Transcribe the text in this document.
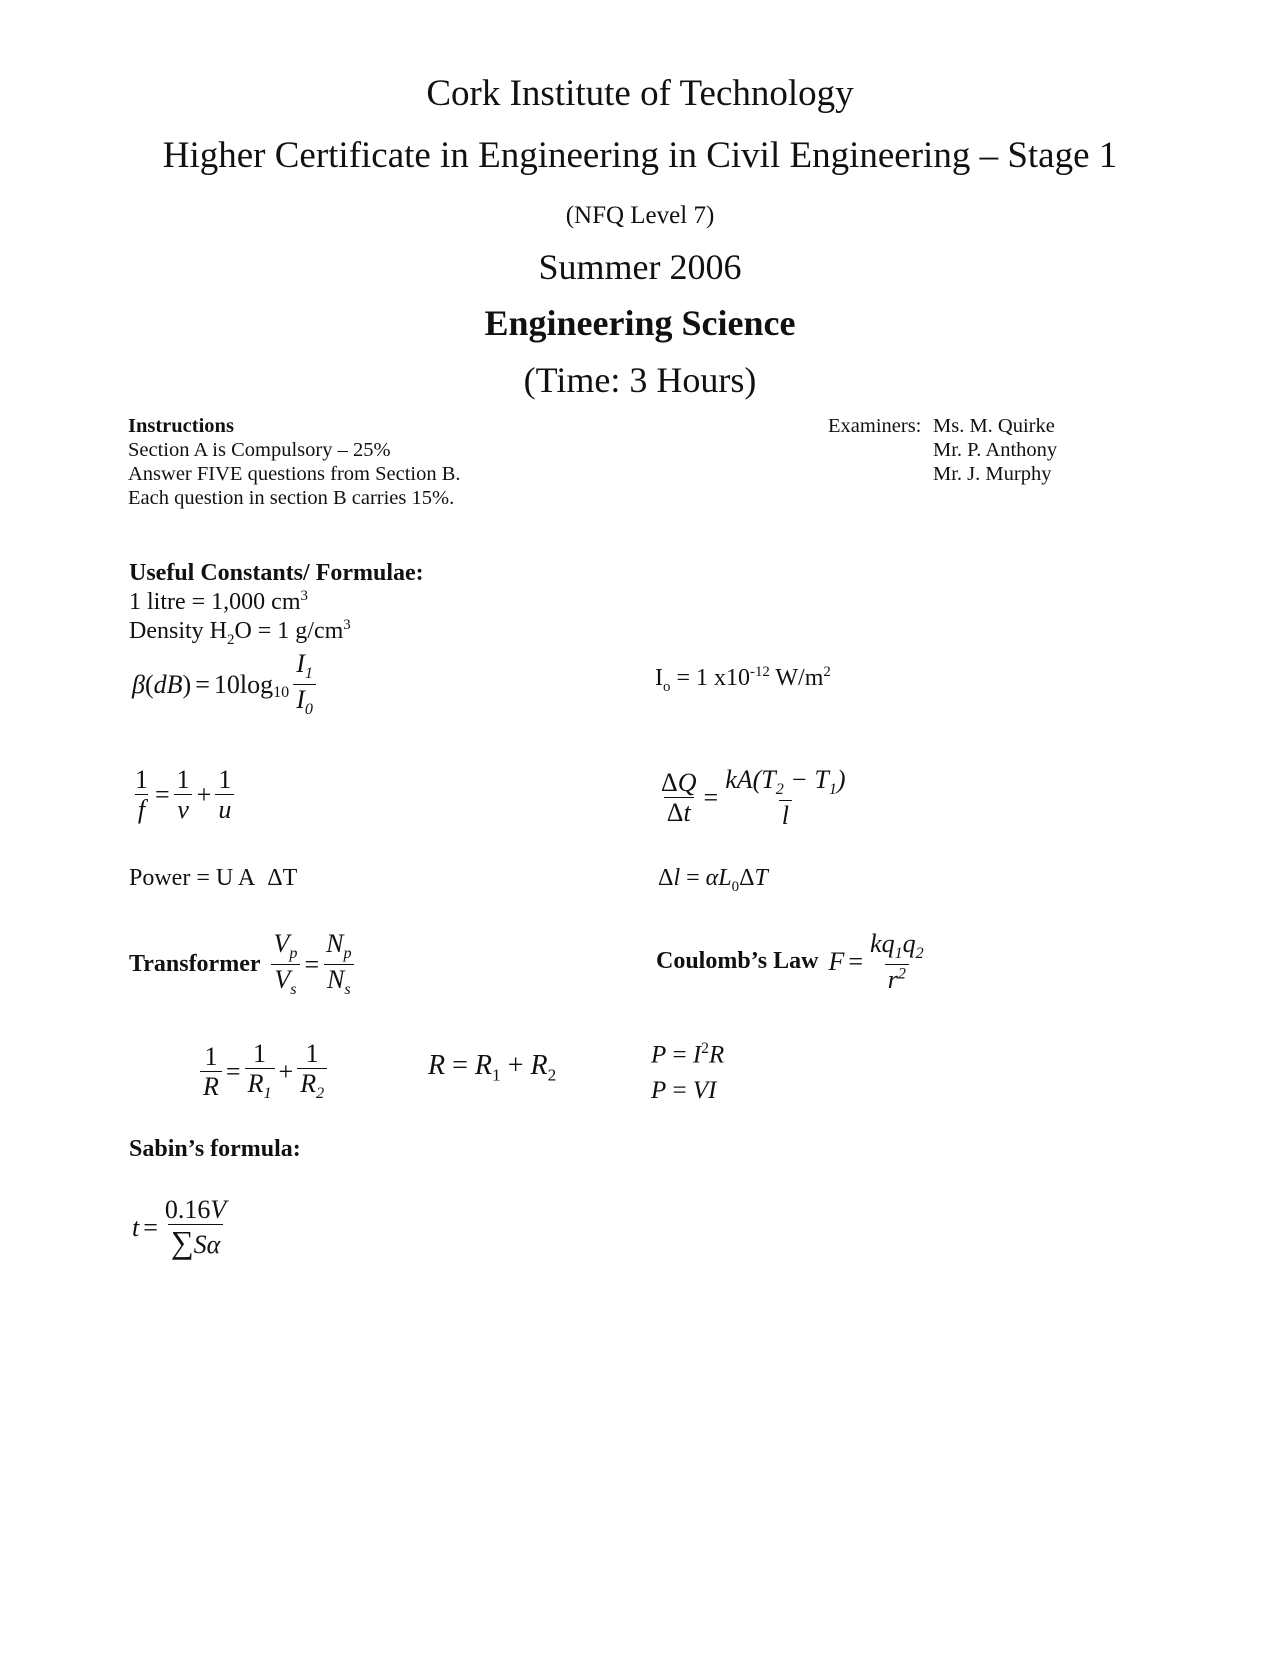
Cork Institute of Technology
Higher Certificate in Engineering in Civil Engineering – Stage 1
(NFQ Level 7)
Summer 2006
Engineering Science
(Time: 3 Hours)
Instructions
Section A is Compulsory – 25%
Answer FIVE questions from Section B.
Each question in section B carries 15%.
Examiners: Ms. M. Quirke
Mr. P. Anthony
Mr. J. Murphy
Useful Constants/ Formulae:
1 litre = 1,000 $cm^3$
Density $H_2O = 1$ $g/cm^3$
β ( dB ) = $10\log_{10} \frac{I_1}{I_0}$	$I_o = 1$ $x10^{-12}$ $W/m^2$
$\frac{1}{f} = \frac{1}{v} + \frac{1}{u}$	$\frac{\Delta Q}{\Delta t} = \frac{kA(T_2 - T_1)}{l}$
Power = U A  ΔT	$\Delta l = \alpha L_0\Delta T$
Transformer $\frac{V_p}{V_s} = \frac{N_p}{N_s}$	Coulomb’s Law $F = \frac{kq_1q_2}{r^2}$
$\frac{1}{R} = \frac{1}{R_1} + \frac{1}{R_2}$	$R = R_1 + R_2$
$P = I^2R$
P = VI
Sabin’s formula:
$t = \frac{0.16V}{\sum S\alpha}$
